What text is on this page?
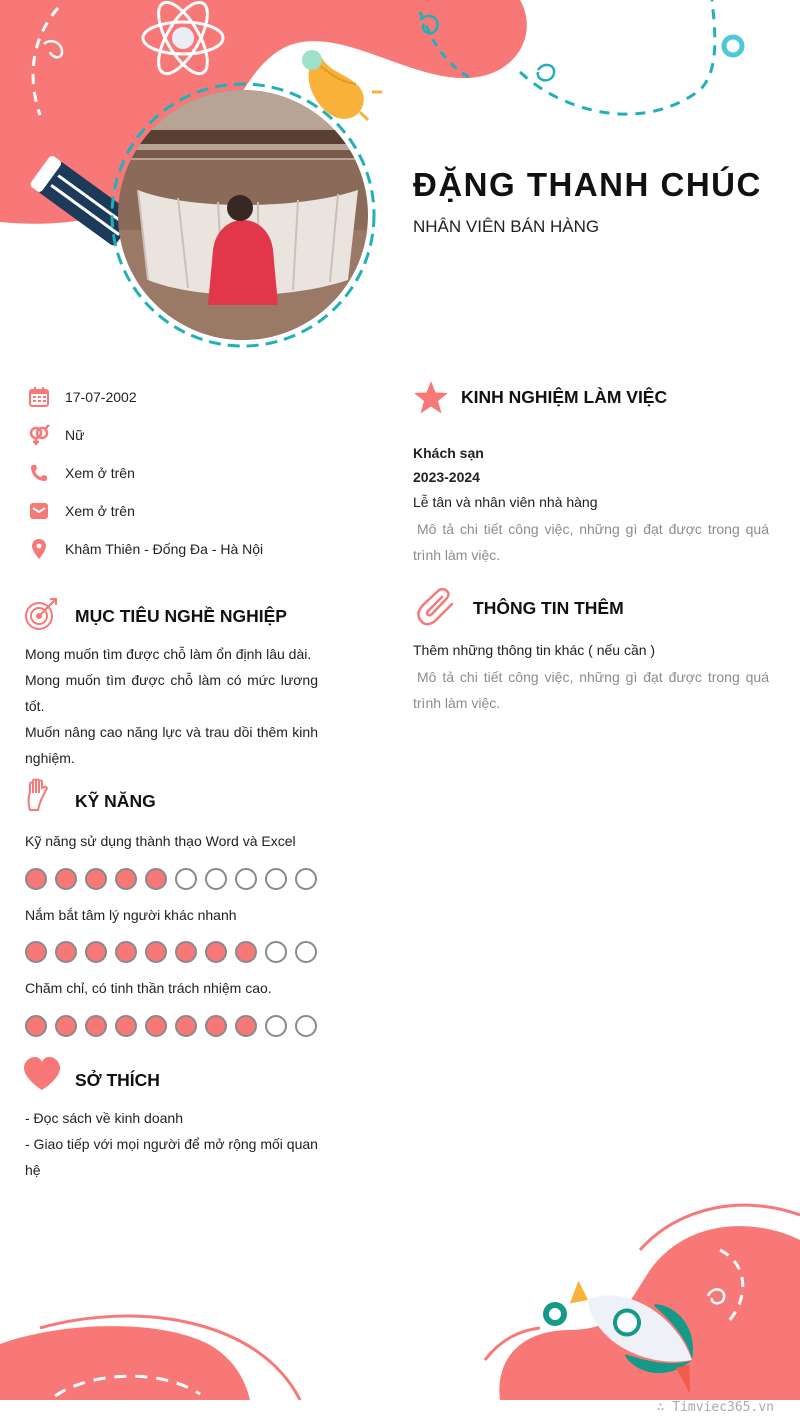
ĐẶNG THANH CHÚC
NHÂN VIÊN BÁN HÀNG
17-07-2002
Nữ
Xem ở trên
Xem ở trên
Khâm Thiên - Đống Đa - Hà Nội
MỤC TIÊU NGHỀ NGHIỆP

Mong muốn tìm được chỗ làm ổn định lâu dài.

Mong muốn tìm được chỗ làm có mức lương tốt.

Muốn nâng cao năng lực và trau dồi thêm kinh nghiệm.

KỸ NĂNG
Kỹ năng sử dụng thành thạo Word và Excel
Nắm bắt tâm lý người khác nhanh
Chăm chỉ, có tinh thần trách nhiệm cao.
SỞ THÍCH

- Đọc sách về kinh doanh

- Giao tiếp với mọi người để mở rộng mối quan hệ

KINH NGHIỆM LÀM VIỆC
Khách sạn
2023-2024
Lễ tân và nhân viên nhà hàng
Mô tả chi tiết công việc, những gì đạt được trong quá trình làm việc.
THÔNG TIN THÊM
Thêm những thông tin khác ( nếu cần )
Mô tả chi tiết công việc, những gì đạt được trong quá trình làm việc.
∴ Timviec365.vn
